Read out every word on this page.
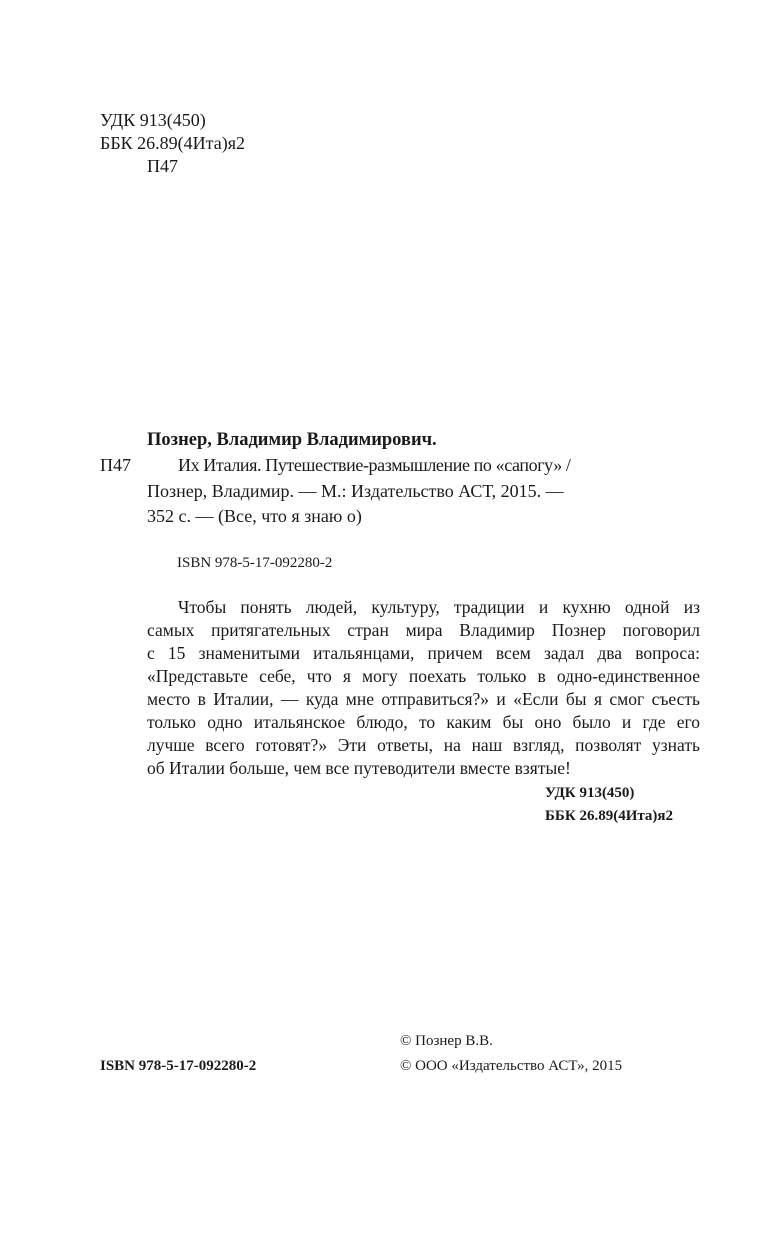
УДК 913(450)
ББК 26.89(4Ита)я2
П47
Познер, Владимир Владимирович.
П47	Их Италия. Путешествие-размышление по «сапогу» /
Познер, Владимир. — М.: Издательство АСТ, 2015. —
352 с. — (Все, что я знаю о)
ISBN 978-5-17-092280-2
Чтобы понять людей, культуру, традиции и кухню одной из
самых притягательных стран мира Владимир Познер поговорил
с 15 знаменитыми итальянцами, причем всем задал два вопроса:
«Представьте себе, что я могу поехать только в одно-единственное
место в Италии, — куда мне отправиться?» и «Если бы я смог съесть
только одно итальянское блюдо, то каким бы оно было и где его
лучше всего готовят?» Эти ответы, на наш взгляд, позволят узнать
об Италии больше, чем все путеводители вместе взятые!
УДК 913(450)
ББК 26.89(4Ита)я2
© Познер В.В.
© ООО «Издательство АСТ», 2015
ISBN 978-5-17-092280-2
